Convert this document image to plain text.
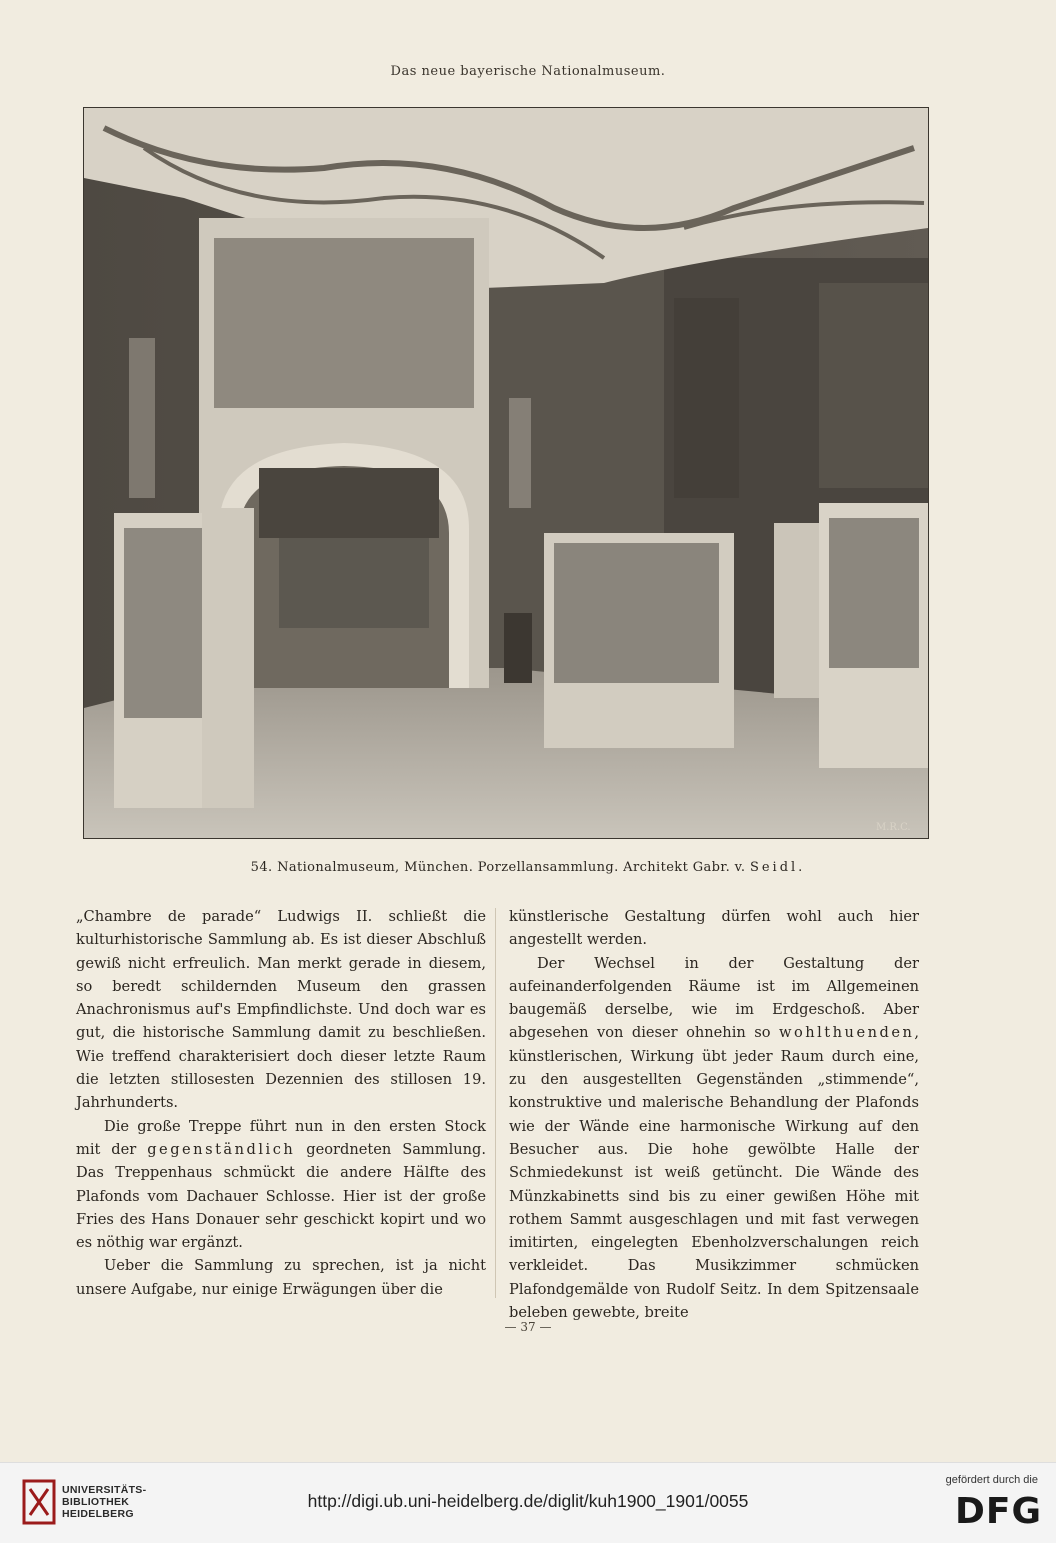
Das neue bayerische Nationalmuseum.
M.R.C.
54. Nationalmuseum, München. Porzellansammlung. Architekt Gabr. v. Seidl.

„Chambre de parade“ Ludwigs II. schließt die kulturhistorische Sammlung ab. Es ist dieser Abschluß gewiß nicht erfreulich. Man merkt gerade in diesem, so beredt schildernden Museum den grassen Anachronismus auf's Empfindlichste. Und doch war es gut, die historische Sammlung damit zu beschließen. Wie treffend charakterisiert doch dieser letzte Raum die letzten stillosesten Dezennien des stillosen 19. Jahrhunderts.

Die große Treppe führt nun in den ersten Stock mit der gegenständlich geordneten Sammlung. Das Treppenhaus schmückt die andere Hälfte des Plafonds vom Dachauer Schlosse. Hier ist der große Fries des Hans Donauer sehr geschickt kopirt und wo es nöthig war ergänzt.

Ueber die Sammlung zu sprechen, ist ja nicht unsere Aufgabe, nur einige Erwägungen über die

künstlerische Gestaltung dürfen wohl auch hier angestellt werden.

Der Wechsel in der Gestaltung der aufeinanderfolgenden Räume ist im Allgemeinen baugemäß derselbe, wie im Erdgeschoß. Aber abgesehen von dieser ohnehin so wohlthuenden, künstlerischen, Wirkung übt jeder Raum durch eine, zu den ausgestellten Gegenständen „stimmende“, konstruktive und malerische Behandlung der Plafonds wie der Wände eine harmonische Wirkung auf den Besucher aus. Die hohe gewölbte Halle der Schmiedekunst ist weiß getüncht. Die Wände des Münzkabinetts sind bis zu einer gewißen Höhe mit rothem Sammt ausgeschlagen und mit fast verwegen imitirten, eingelegten Ebenholzverschalungen reich verkleidet. Das Musikzimmer schmücken Plafondgemälde von Rudolf Seitz. In dem Spitzensaale beleben gewebte, breite

— 37 —
UNIVERSITÄTS-
BIBLIOTHEK
HEIDELBERG
http://digi.ub.uni-heidelberg.de/diglit/kuh1900_1901/0055
gefördert durch die
DFG
